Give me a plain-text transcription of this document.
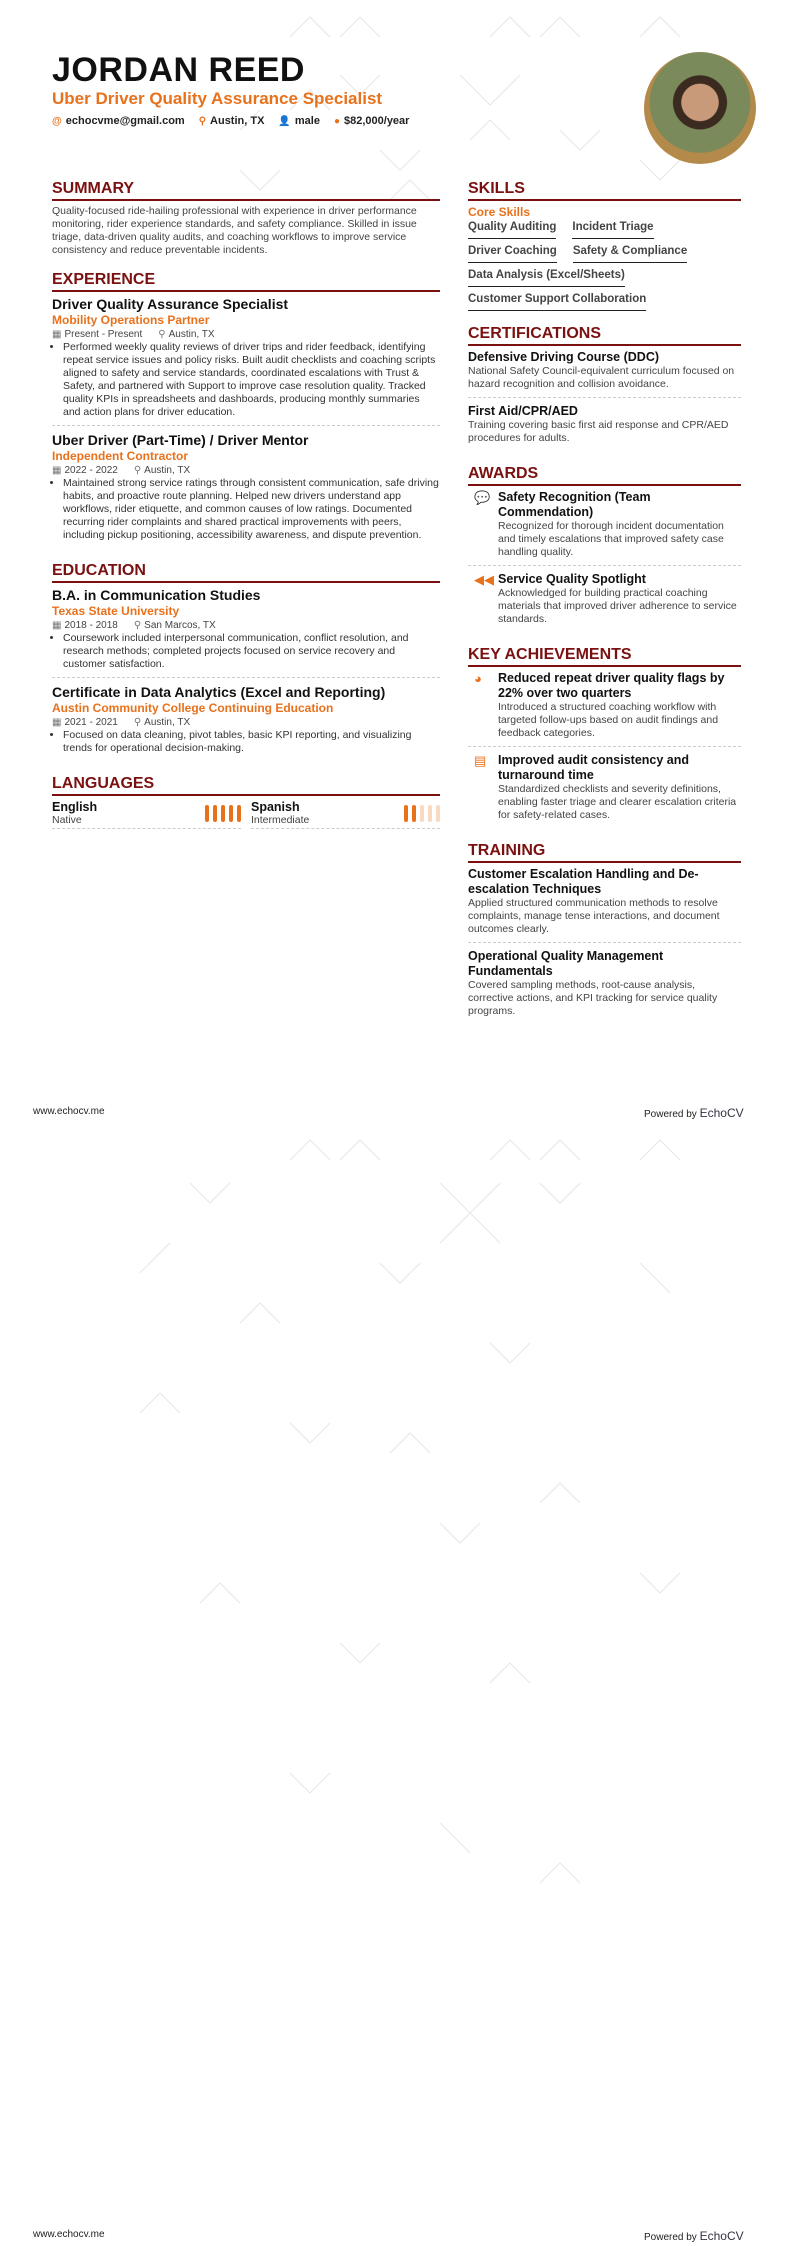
JORDAN REED
Uber Driver Quality Assurance Specialist
@ echocvme@gmail.com ⚲ Austin, TX 👤 male ● $82,000/year
SUMMARY

Quality-focused ride-hailing professional with experience in driver performance monitoring, rider experience standards, and safety compliance. Skilled in issue triage, data-driven quality audits, and coaching workflows to improve service consistency and reduce preventable incidents.

EXPERIENCE
Driver Quality Assurance Specialist
Mobility Operations Partner
▦ Present - Present ⚲ Austin, TX
• Performed weekly quality reviews of driver trips and rider feedback, identifying repeat service issues and policy risks. Built audit checklists and coaching scripts aligned to safety and service standards, coordinated escalations with Trust & Safety, and partnered with Support to improve case resolution quality. Tracked quality KPIs in spreadsheets and dashboards, producing monthly summaries and action plans for driver education.
Uber Driver (Part-Time) / Driver Mentor
Independent Contractor
▦ 2022 - 2022 ⚲ Austin, TX
• Maintained strong service ratings through consistent communication, safe driving habits, and proactive route planning. Helped new drivers understand app workflows, rider etiquette, and common causes of low ratings. Documented recurring rider complaints and shared practical improvements with peers, including pickup positioning, accessibility awareness, and dispute prevention.
EDUCATION
B.A. in Communication Studies
Texas State University
▦ 2018 - 2018 ⚲ San Marcos, TX
• Coursework included interpersonal communication, conflict resolution, and research methods; completed projects focused on service recovery and customer satisfaction.
Certificate in Data Analytics (Excel and Reporting)
Austin Community College Continuing Education
▦ 2021 - 2021 ⚲ Austin, TX
• Focused on data cleaning, pivot tables, basic KPI reporting, and visualizing trends for operational decision-making.
LANGUAGES
English
Native
Spanish
Intermediate
SKILLS
Core Skills
Quality Auditing Incident Triage
Driver Coaching Safety & Compliance
Data Analysis (Excel/Sheets)
Customer Support Collaboration
CERTIFICATIONS
Defensive Driving Course (DDC)

National Safety Council-equivalent curriculum focused on hazard recognition and collision avoidance.

First Aid/CPR/AED

Training covering basic first aid response and CPR/AED procedures for adults.

AWARDS
💬 Safety Recognition (Team Commendation)

Recognized for thorough incident documentation and timely escalations that improved safety case handling quality.

◀◀ Service Quality Spotlight

Acknowledged for building practical coaching materials that improved driver adherence to service standards.

KEY ACHIEVEMENTS
◕ Reduced repeat driver quality flags by 22% over two quarters

Introduced a structured coaching workflow with targeted follow-ups based on audit findings and feedback categories.

▤ Improved audit consistency and turnaround time

Standardized checklists and severity definitions, enabling faster triage and clearer escalation criteria for safety-related cases.

TRAINING
Customer Escalation Handling and De-escalation Techniques

Applied structured communication methods to resolve complaints, manage tense interactions, and document outcomes clearly.

Operational Quality Management Fundamentals

Covered sampling methods, root-cause analysis, corrective actions, and KPI tracking for service quality programs.

www.echocv.me	Powered by EchoCV
www.echocv.me	Powered by EchoCV
